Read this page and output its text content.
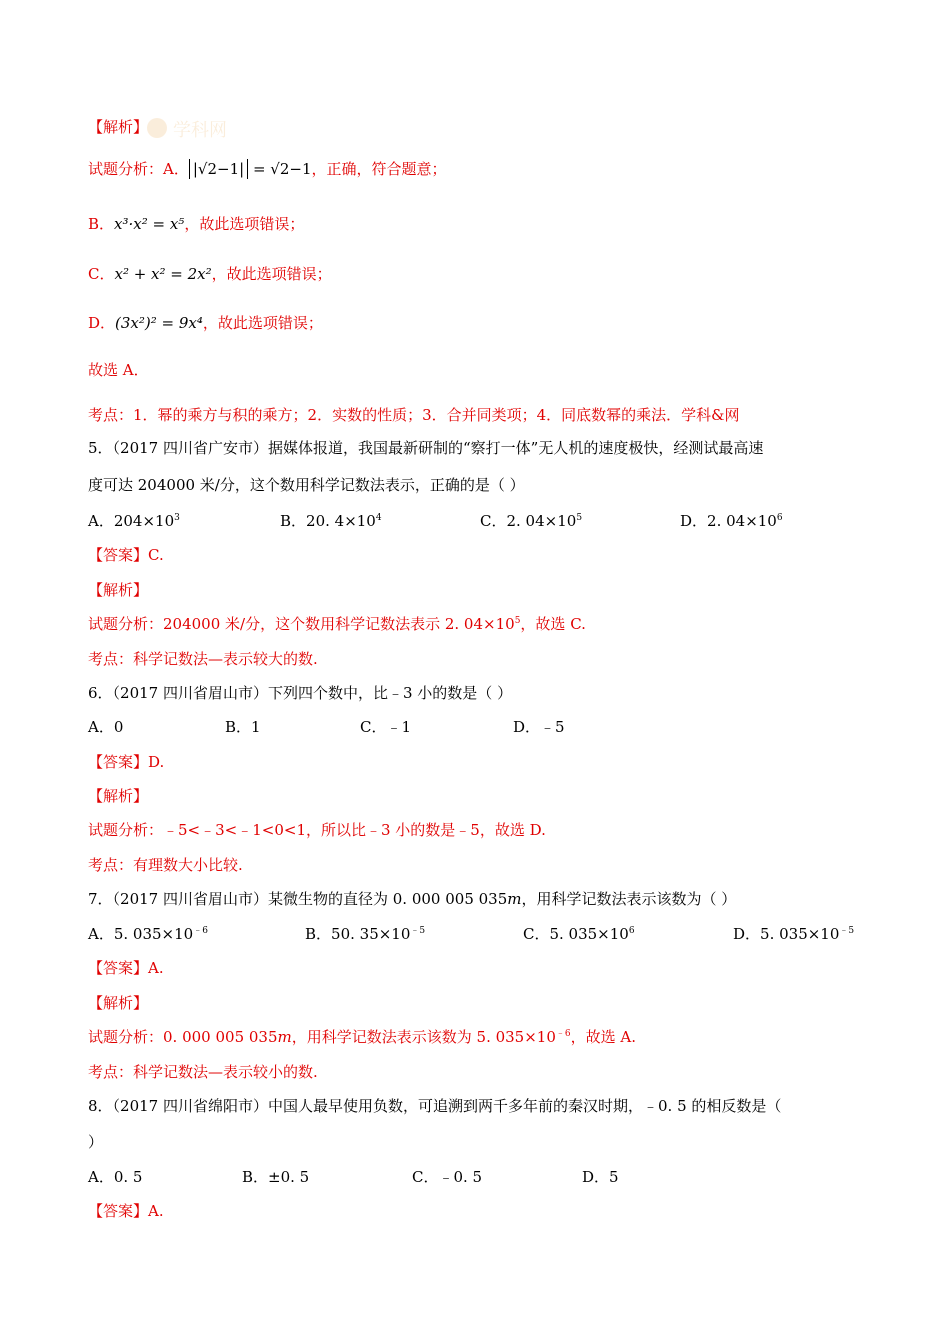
学科网
【解析】
试题分析：A． |√2−1| = √2−1，正确，符合题意；
B．x³·x² = x⁵，故此选项错误；
C．x² + x² = 2x²，故此选项错误；
D．(3x²)² = 9x⁴，故此选项错误；
故选 A．
考点：1．幂的乘方与积的乘方；2．实数的性质；3．合并同类项；4．同底数幂的乘法．学科&网
5．（2017 四川省广安市）据媒体报道，我国最新研制的“察打一体”无人机的速度极快，经测试最高速
度可达 204000 米/分，这个数用科学记数法表示，正确的是（ ）
A．$204\times 10^3$	B．20. $4\times 10^4$	C．2. $04\times 10^5$	D．2. $04\times 10^6$
【答案】C.
【解析】
试题分析：204000 米/分，这个数用科学记数法表示 2. $04\times 10^5$，故选 C.
考点：科学记数法—表示较大的数.
6．（2017 四川省眉山市）下列四个数中，比﹣3 小的数是（ ）
A．0	B．1	C．﹣1	D．﹣5
【答案】D.
【解析】
试题分析：﹣5<﹣3<﹣1<0<1，所以比﹣3 小的数是﹣5，故选 D.
考点：有理数大小比较.
7．（2017 四川省眉山市）某微生物的直径为 0. 000 005 035m，用科学记数法表示该数为（ ）
A．5. $035\times 10^{﹣6}$	B．50. $35\times 10^{﹣5}$	C．5. $035\times 10^6$	D．5. $035\times 10^{﹣5}$
【答案】A.
【解析】
试题分析：0. 000 005 035m，用科学记数法表示该数为 5. $035\times 10^{﹣6}$，故选 A.
考点：科学记数法—表示较小的数.
8．（2017 四川省绵阳市）中国人最早使用负数，可追溯到两千多年前的秦汉时期，﹣0. 5 的相反数是（
）
A．0. 5	B．±0. 5	C．﹣0. 5	D．5
【答案】A.
